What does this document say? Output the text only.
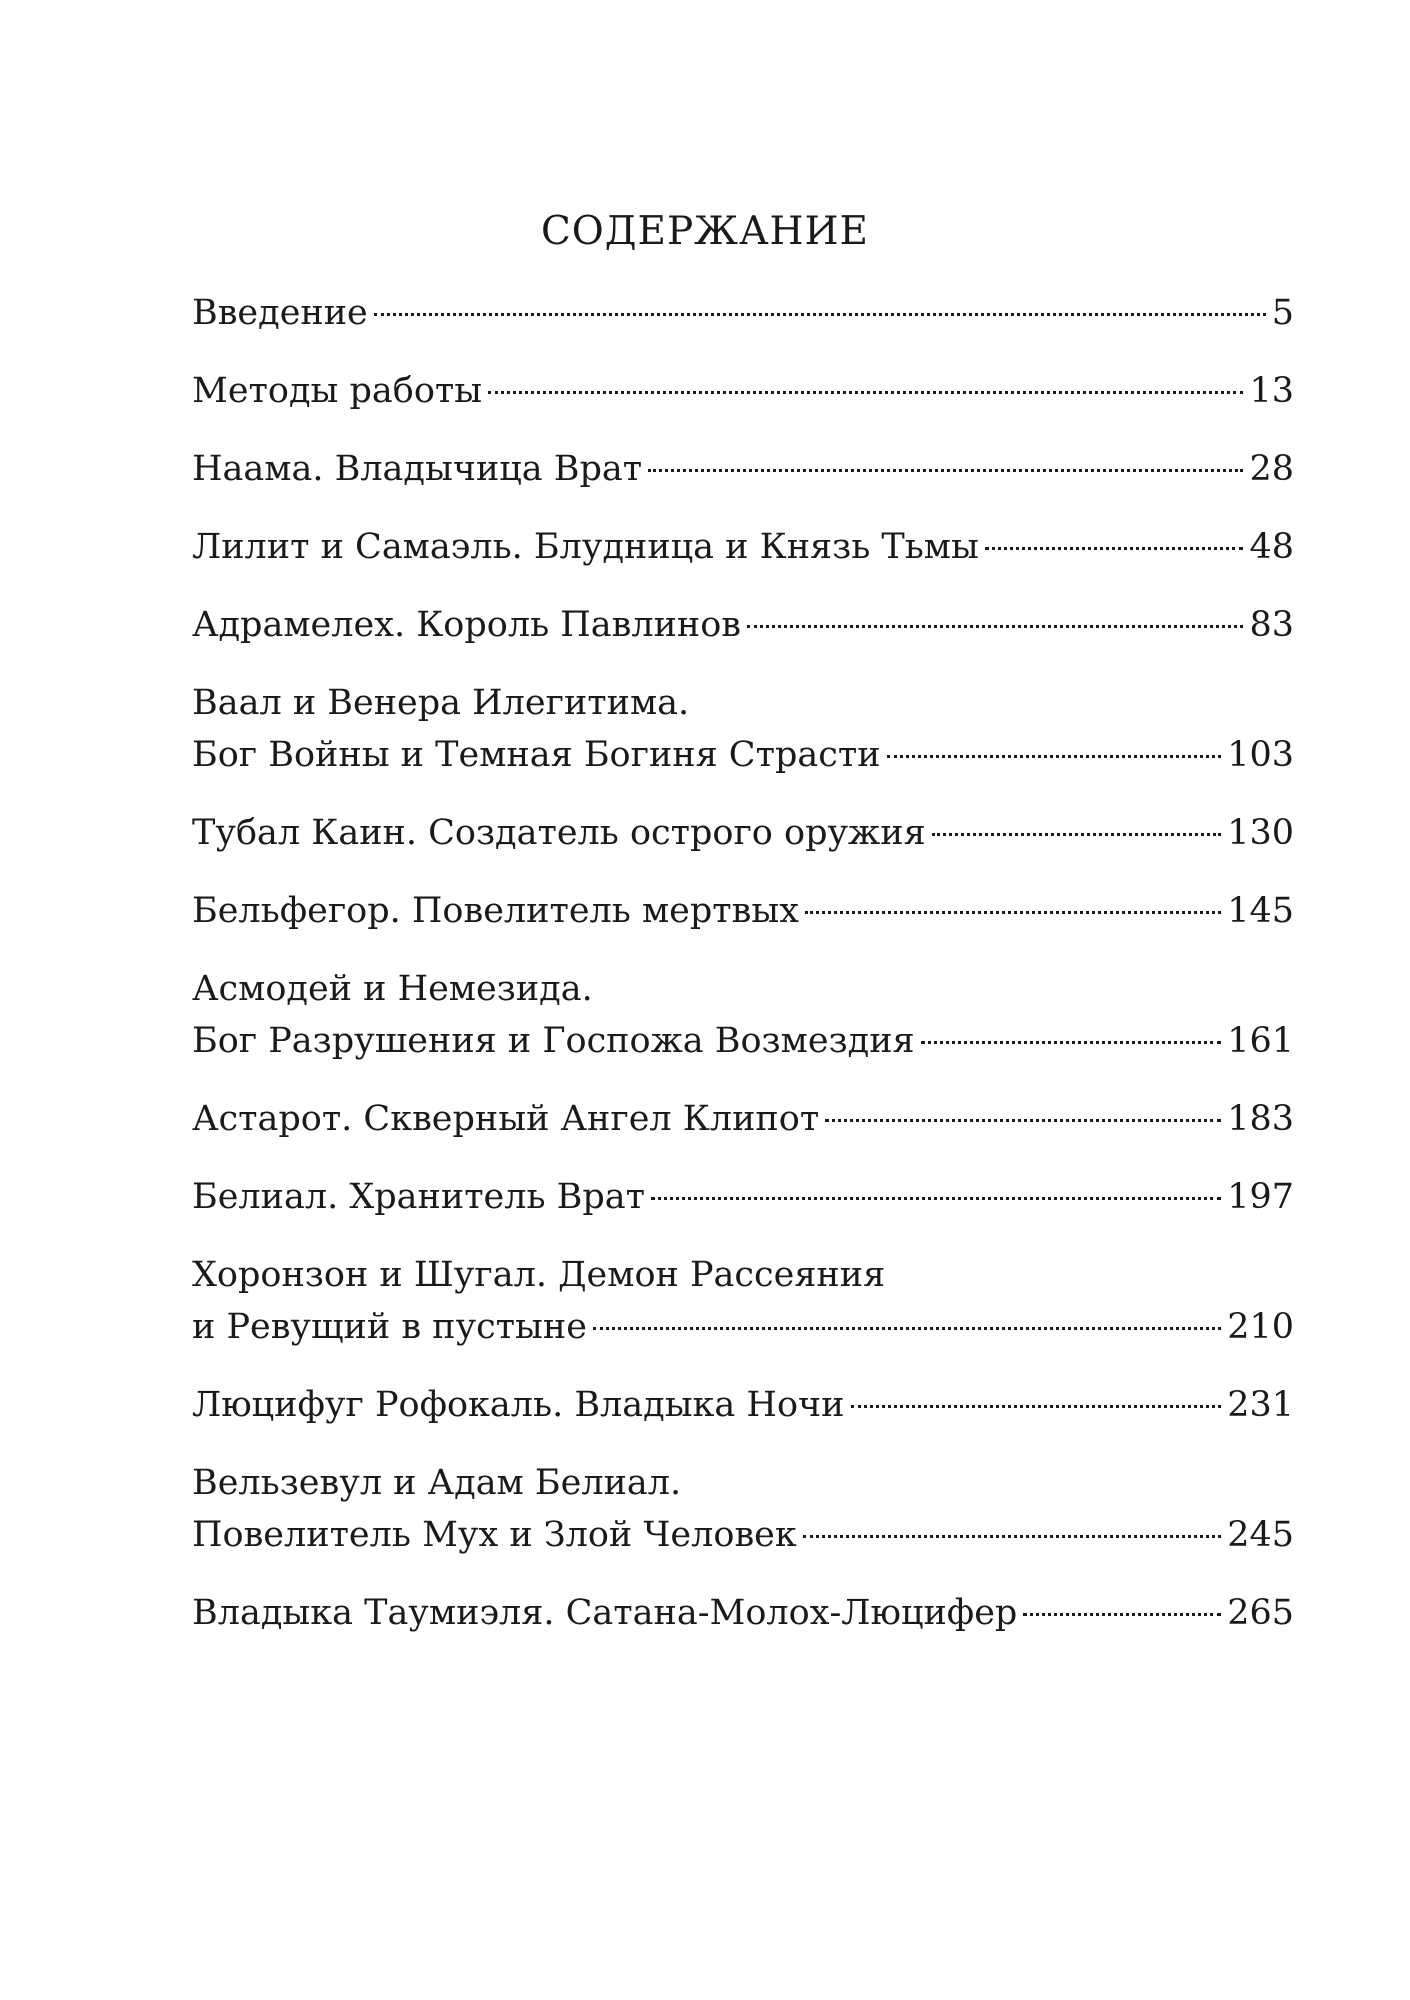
СОДЕРЖАНИЕ
Введение	5
Методы работы	13
Наама. Владычица Врат	28
Лилит и Самаэль. Блудница и Князь Тьмы	48
Адрамелех. Король Павлинов	83
Ваал и Венера Илегитима.
Бог Войны и Темная Богиня Страсти	103
Тубал Каин. Создатель острого оружия	130
Бельфегор. Повелитель мертвых	145
Асмодей и Немезида.
Бог Разрушения и Госпожа Возмездия	161
Астарот. Скверный Ангел Клипот	183
Белиал. Хранитель Врат	197
Хоронзон и Шугал. Демон Рассеяния
и Ревущий в пустыне	210
Люцифуг Рофокаль. Владыка Ночи	231
Вельзевул и Адам Белиал.
Повелитель Мух и Злой Человек	245
Владыка Таумиэля. Сатана-Молох-Люцифер	265
